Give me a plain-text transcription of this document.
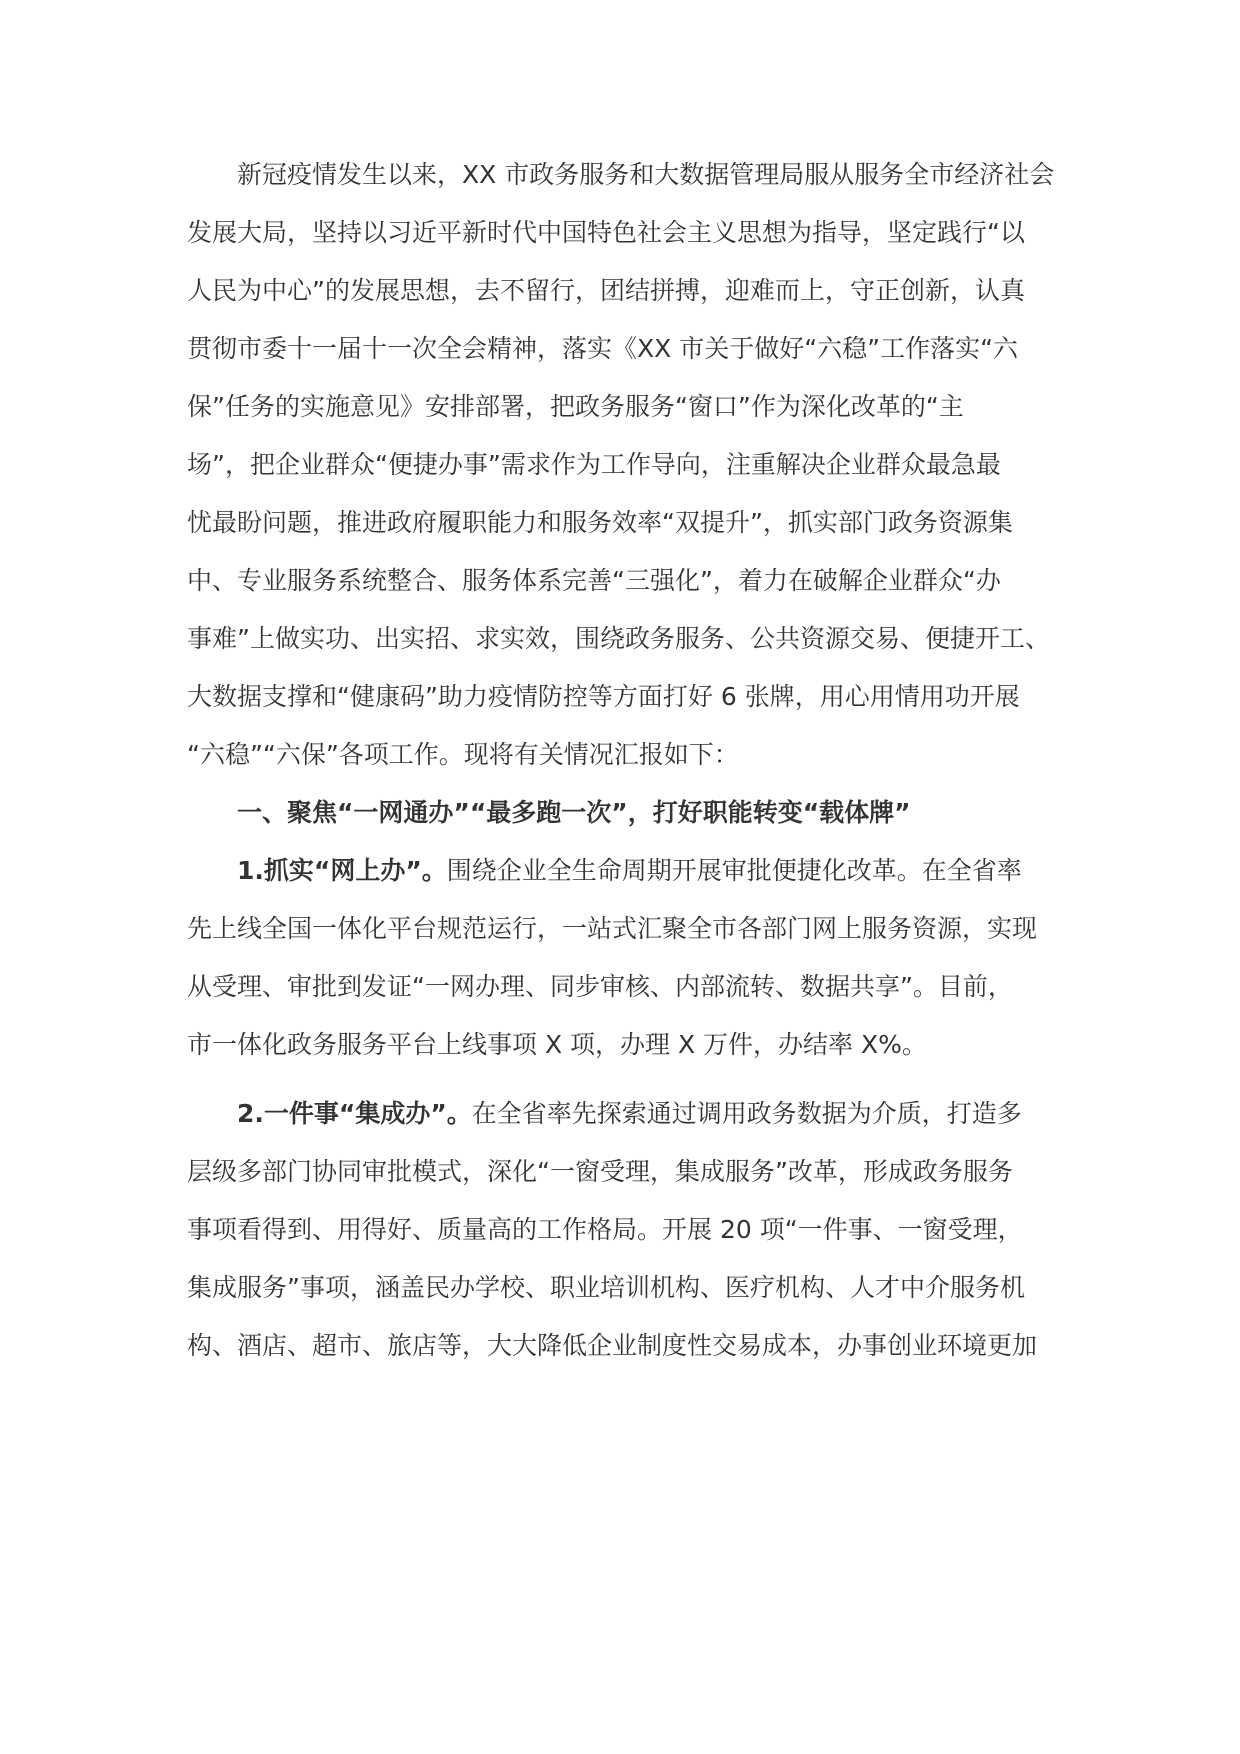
新冠疫情发生以来，XX 市政务服务和大数据管理局服从服务全市经济社会
发展大局，坚持以习近平新时代中国特色社会主义思想为指导，坚定践行“以
人民为中心”的发展思想，去不留行，团结拼搏，迎难而上，守正创新，认真
贯彻市委十一届十一次全会精神，落实《XX 市关于做好“六稳”工作落实“六
保”任务的实施意见》安排部署，把政务服务“窗口”作为深化改革的“主
场”，把企业群众“便捷办事”需求作为工作导向，注重解决企业群众最急最
忧最盼问题，推进政府履职能力和服务效率“双提升”，抓实部门政务资源集
中、专业服务系统整合、服务体系完善“三强化”，着力在破解企业群众“办
事难”上做实功、出实招、求实效，围绕政务服务、公共资源交易、便捷开工、
大数据支撑和“健康码”助力疫情防控等方面打好 6 张牌，用心用情用功开展
“六稳”“六保”各项工作。现将有关情况汇报如下：
一、聚焦“一网通办”“最多跑一次”，打好职能转变“载体牌”
1.抓实“网上办”。围绕企业全生命周期开展审批便捷化改革。在全省率
先上线全国一体化平台规范运行，一站式汇聚全市各部门网上服务资源，实现
从受理、审批到发证“一网办理、同步审核、内部流转、数据共享”。目前，
市一体化政务服务平台上线事项 X 项，办理 X 万件，办结率 X%。
2.一件事“集成办”。在全省率先探索通过调用政务数据为介质，打造多
层级多部门协同审批模式，深化“一窗受理，集成服务”改革，形成政务服务
事项看得到、用得好、质量高的工作格局。开展 20 项“一件事、一窗受理，
集成服务”事项，涵盖民办学校、职业培训机构、医疗机构、人才中介服务机
构、酒店、超市、旅店等，大大降低企业制度性交易成本，办事创业环境更加
